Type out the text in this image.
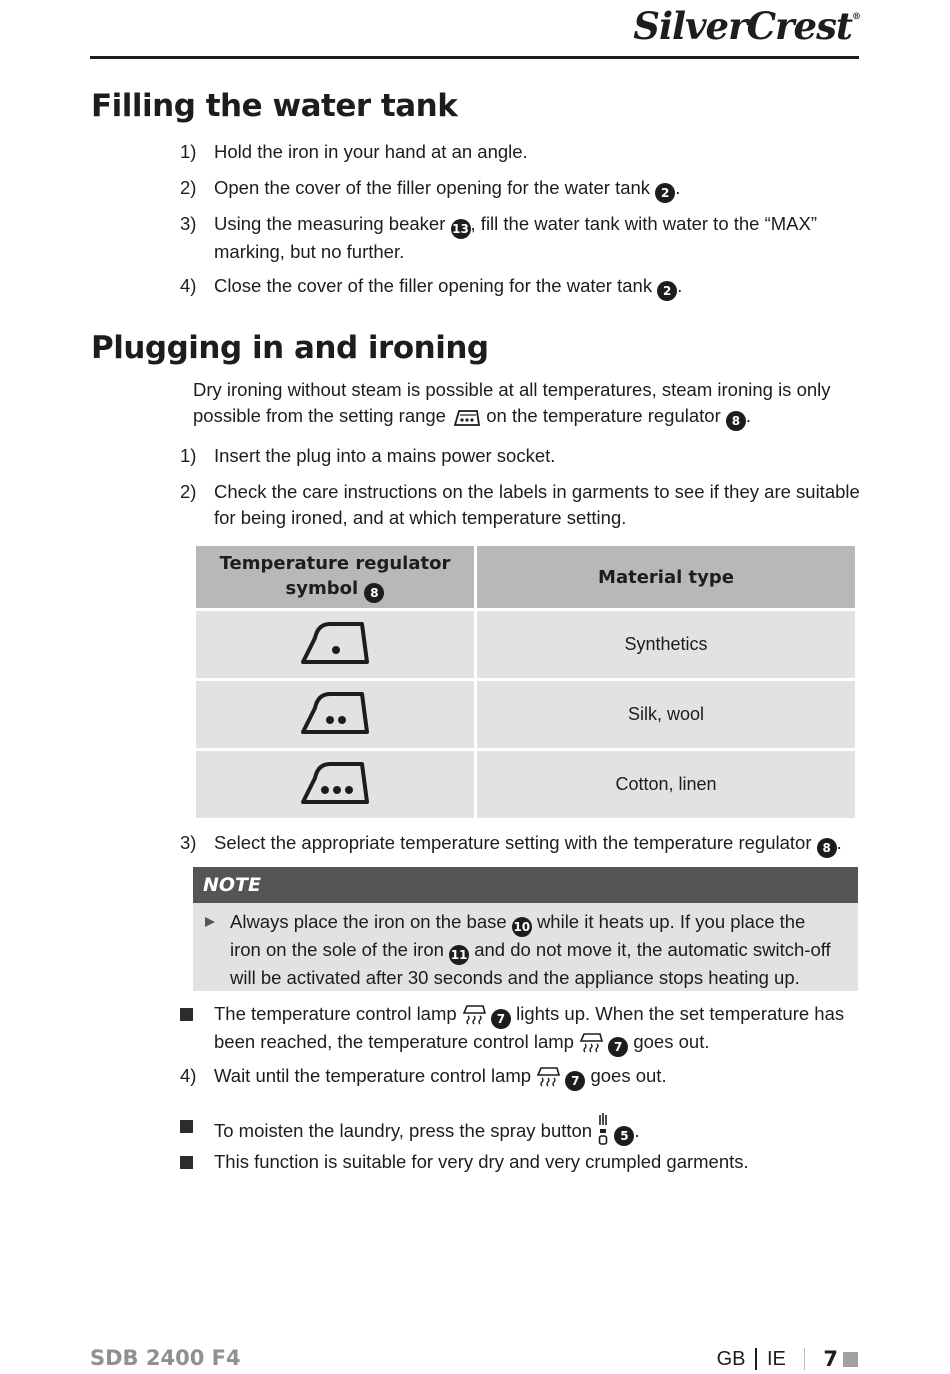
SilverCrest®
Filling the water tank
1) Hold the iron in your hand at an angle.
2) Open the cover of the filler opening for the water tank 2 .
3) Using the measuring beaker 13, fill the water tank with water to the “MAX” marking, but no further.
4) Close the cover of the filler opening for the water tank 2 .
Plugging in and ironing
Dry ironing without steam is possible at all temperatures, steam ironing is only possible from the setting range on the temperature regulator 8 .
1) Insert the plug into a mains power socket.
2) Check the care instructions on the labels in garments to see if they are suitable for being ironed, and at which temperature setting.
Temperature regulator symbol 8	Material type
	Synthetics
	Silk, wool
	Cotton, linen
3) Select the appropriate temperature setting with the temperature regulator 8 .
NOTE
Always place the iron on the base 10 while it heats up. If you place the iron on the sole of the iron 11 and do not move it, the automatic switch-off will be activated after 30 seconds and the appliance stops heating up.
The temperature control lamp	7 lights up. When the set temperature has been reached, the temperature control lamp	7 goes out.
4) Wait until the temperature control lamp	7 goes out.
To moisten the laundry, press the spray button 5 .
This function is suitable for very dry and very crumpled garments.
SDB 2400 F4	GB IE 7
